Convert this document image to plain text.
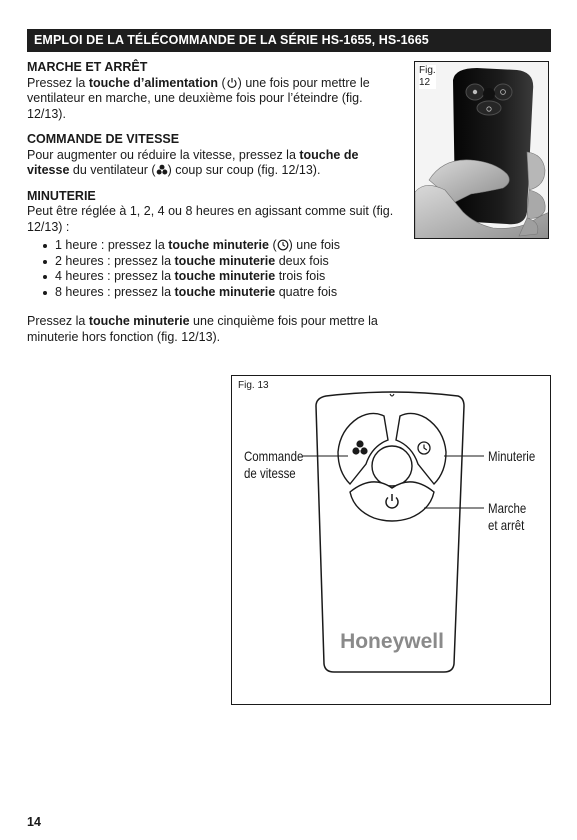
EMPLOI DE LA TÉLÉCOMMANDE DE LA SÉRIE HS-1655, HS-1665
MARCHE ET ARRÊT

Pressez la touche d’alimentation ( ) une fois pour mettre le ventilateur en marche, une deuxième fois pour l’éteindre (fig. 12/13).

COMMANDE DE VITESSE

Pour augmenter ou réduire la vitesse, pressez la touche de vitesse du ventilateur ( ) coup sur coup (fig. 12/13).

MINUTERIE

Peut être réglée à 1, 2, 4 ou 8 heures en agissant comme suit (fig. 12/13) :

1 heure : pressez la touche minuterie ( ) une fois
2 heures : pressez la touche minuterie deux fois
4 heures : pressez la touche minuterie trois fois
8 heures : pressez la touche minuterie quatre fois

Pressez la touche minuterie une cinquième fois pour mettre la minuterie hors fonction (fig. 12/13).

Fig.
12
Fig. 13
Honeywell
Commande
de vitesse
Minuterie
Marche
et arrêt
14
